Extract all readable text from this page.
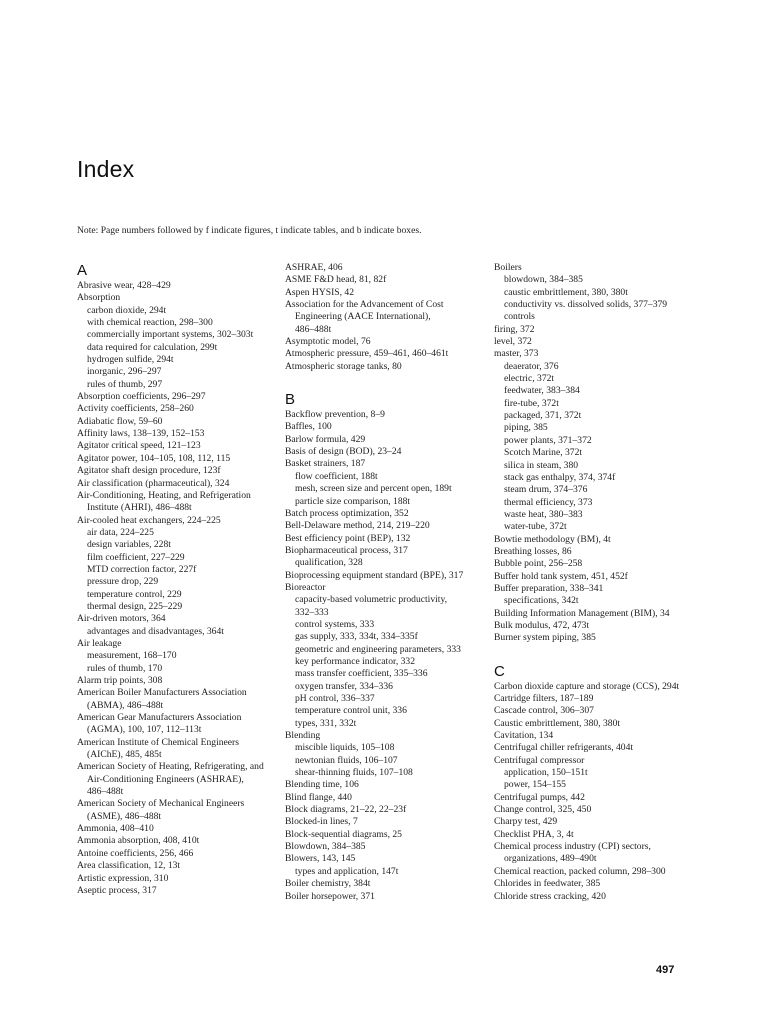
Index

Note: Page numbers followed by f indicate figures, t indicate tables, and b indicate boxes.

A
Abrasive wear, 428–429
Absorption
carbon dioxide, 294t
with chemical reaction, 298–300
commercially important systems, 302–303t
data required for calculation, 299t
hydrogen sulfide, 294t
inorganic, 296–297
rules of thumb, 297
Absorption coefficients, 296–297
Activity coefficients, 258–260
Adiabatic flow, 59–60
Affinity laws, 138–139, 152–153
Agitator critical speed, 121–123
Agitator power, 104–105, 108, 112, 115
Agitator shaft design procedure, 123f
Air classification (pharmaceutical), 324
Air-Conditioning, Heating, and Refrigeration
Institute (AHRI), 486–488t
Air-cooled heat exchangers, 224–225
air data, 224–225
design variables, 228t
film coefficient, 227–229
MTD correction factor, 227f
pressure drop, 229
temperature control, 229
thermal design, 225–229
Air-driven motors, 364
advantages and disadvantages, 364t
Air leakage
measurement, 168–170
rules of thumb, 170
Alarm trip points, 308
American Boiler Manufacturers Association
(ABMA), 486–488t
American Gear Manufacturers Association
(AGMA), 100, 107, 112–113t
American Institute of Chemical Engineers
(AIChE), 485, 485t
American Society of Heating, Refrigerating, and
Air-Conditioning Engineers (ASHRAE),
486–488t
American Society of Mechanical Engineers
(ASME), 486–488t
Ammonia, 408–410
Ammonia absorption, 408, 410t
Antoine coefficients, 256, 466
Area classification, 12, 13t
Artistic expression, 310
Aseptic process, 317
ASHRAE, 406
ASME F&D head, 81, 82f
Aspen HYSIS, 42
Association for the Advancement of Cost
Engineering (AACE International),
486–488t
Asymptotic model, 76
Atmospheric pressure, 459–461, 460–461t
Atmospheric storage tanks, 80
B
Backflow prevention, 8–9
Baffles, 100
Barlow formula, 429
Basis of design (BOD), 23–24
Basket strainers, 187
flow coefficient, 188t
mesh, screen size and percent open, 189t
particle size comparison, 188t
Batch process optimization, 352
Bell-Delaware method, 214, 219–220
Best efficiency point (BEP), 132
Biopharmaceutical process, 317
qualification, 328
Bioprocessing equipment standard (BPE), 317
Bioreactor
capacity-based volumetric productivity,
332–333
control systems, 333
gas supply, 333, 334t, 334–335f
geometric and engineering parameters, 333
key performance indicator, 332
mass transfer coefficient, 335–336
oxygen transfer, 334–336
pH control, 336–337
temperature control unit, 336
types, 331, 332t
Blending
miscible liquids, 105–108
newtonian fluids, 106–107
shear-thinning fluids, 107–108
Blending time, 106
Blind flange, 440
Block diagrams, 21–22, 22–23f
Blocked-in lines, 7
Block-sequential diagrams, 25
Blowdown, 384–385
Blowers, 143, 145
types and application, 147t
Boiler chemistry, 384t
Boiler horsepower, 371
Boilers
blowdown, 384–385
caustic embrittlement, 380, 380t
conductivity vs. dissolved solids, 377–379
controls
firing, 372
level, 372
master, 373
deaerator, 376
electric, 372t
feedwater, 383–384
fire-tube, 372t
packaged, 371, 372t
piping, 385
power plants, 371–372
Scotch Marine, 372t
silica in steam, 380
stack gas enthalpy, 374, 374f
steam drum, 374–376
thermal efficiency, 373
waste heat, 380–383
water-tube, 372t
Bowtie methodology (BM), 4t
Breathing losses, 86
Bubble point, 256–258
Buffer hold tank system, 451, 452f
Buffer preparation, 338–341
specifications, 342t
Building Information Management (BIM), 34
Bulk modulus, 472, 473t
Burner system piping, 385
C
Carbon dioxide capture and storage (CCS), 294t
Cartridge filters, 187–189
Cascade control, 306–307
Caustic embrittlement, 380, 380t
Cavitation, 134
Centrifugal chiller refrigerants, 404t
Centrifugal compressor
application, 150–151t
power, 154–155
Centrifugal pumps, 442
Change control, 325, 450
Charpy test, 429
Checklist PHA, 3, 4t
Chemical process industry (CPI) sectors,
organizations, 489–490t
Chemical reaction, packed column, 298–300
Chlorides in feedwater, 385
Chloride stress cracking, 420
497
